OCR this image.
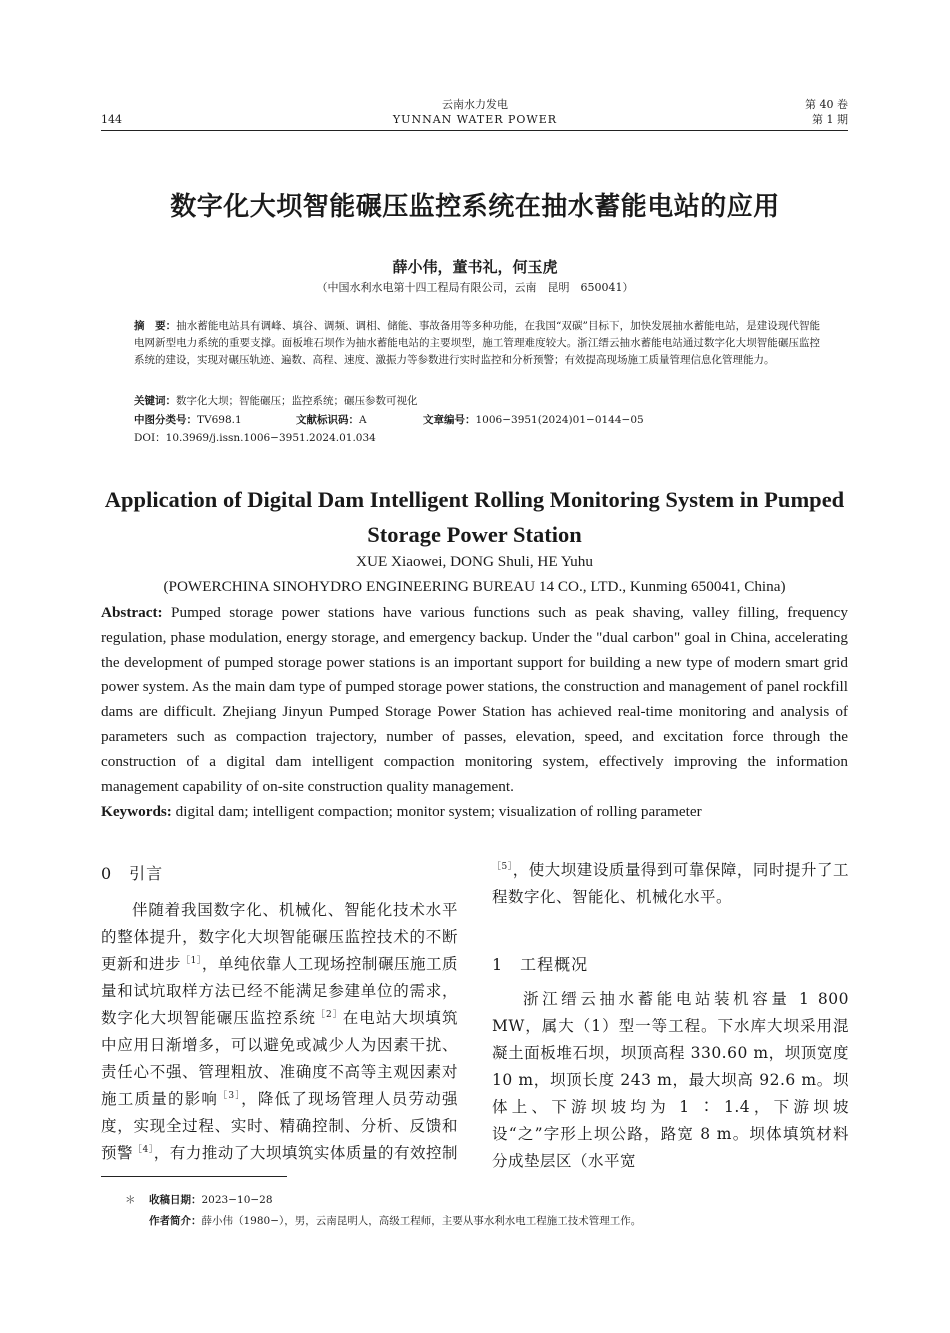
144
云南水力发电
YUNNAN WATER POWER
第 40 卷
第 1 期
数字化大坝智能碾压监控系统在抽水蓄能电站的应用
薛小伟，董书礼，何玉虎
（中国水利水电第十四工程局有限公司，云南　昆明　650041）
摘　要：抽水蓄能电站具有调峰、填谷、调频、调相、储能、事故备用等多种功能，在我国“双碳”目标下，加快发展抽水蓄能电站，是建设现代智能电网新型电力系统的重要支撑。面板堆石坝作为抽水蓄能电站的主要坝型，施工管理难度较大。浙江缙云抽水蓄能电站通过数字化大坝智能碾压监控系统的建设，实现对碾压轨迹、遍数、高程、速度、激振力等参数进行实时监控和分析预警；有效提高现场施工质量管理信息化管理能力。
关键词：数字化大坝；智能碾压；监控系统；碾压参数可视化
中图分类号：TV698.1	文献标识码：A	文章编号：1006−3951(2024)01−0144−05
DOI：10.3969/j.issn.1006−3951.2024.01.034
Application of Digital Dam Intelligent Rolling Monitoring System in Pumped Storage Power Station
XUE Xiaowei, DONG Shuli, HE Yuhu
(POWERCHINA SINOHYDRO ENGINEERING BUREAU 14 CO., LTD., Kunming 650041, China)
Abstract: Pumped storage power stations have various functions such as peak shaving, valley filling, frequency regulation, phase modulation, energy storage, and emergency backup. Under the "dual carbon" goal in China, accelerating the development of pumped storage power stations is an important support for building a new type of modern smart grid power system. As the main dam type of pumped storage power stations, the construction and management of panel rockfill dams are difficult. Zhejiang Jinyun Pumped Storage Power Station has achieved real-time monitoring and analysis of parameters such as compaction trajectory, number of passes, elevation, speed, and excitation force through the construction of a digital dam intelligent compaction monitoring system, effectively improving the information management capability of on-site construction quality management.
Keywords: digital dam; intelligent compaction; monitor system; visualization of rolling parameter
0　引言

伴随着我国数字化、机械化、智能化技术水平的整体提升，数字化大坝智能碾压监控技术的不断更新和进步$^{[1]}$，单纯依靠人工现场控制碾压施工质量和试坑取样方法已经不能满足参建单位的需求，数字化大坝智能碾压监控系统$^{[2]}$在电站大坝填筑中应用日渐增多，可以避免或减少人为因素干扰、责任心不强、管理粗放、准确度不高等主观因素对施工质量的影响$^{[3]}$，降低了现场管理人员劳动强度，实现全过程、实时、精确控制、分析、反馈和预警$^{[4]}$，有力推动了大坝填筑实体质量的有效控制

$^{[5]}$，使大坝建设质量得到可靠保障，同时提升了工程数字化、智能化、机械化水平。
1　工程概况

浙江缙云抽水蓄能电站装机容量 1 800 MW，属大（1）型一等工程。下水库大坝采用混凝土面板堆石坝，坝顶高程 330.60 m，坝顶宽度 10 m，坝顶长度 243 m，最大坝高 92.6 m。坝体上、下游坝坡均为 1 ∶ 1.4，下游坝坡设“之”字形上坝公路，路宽 8 m。坝体填筑材料分成垫层区（水平宽

＊ 收稿日期：2023−10−28
作者简介：薛小伟（1980−），男，云南昆明人，高级工程师，主要从事水利水电工程施工技术管理工作。
